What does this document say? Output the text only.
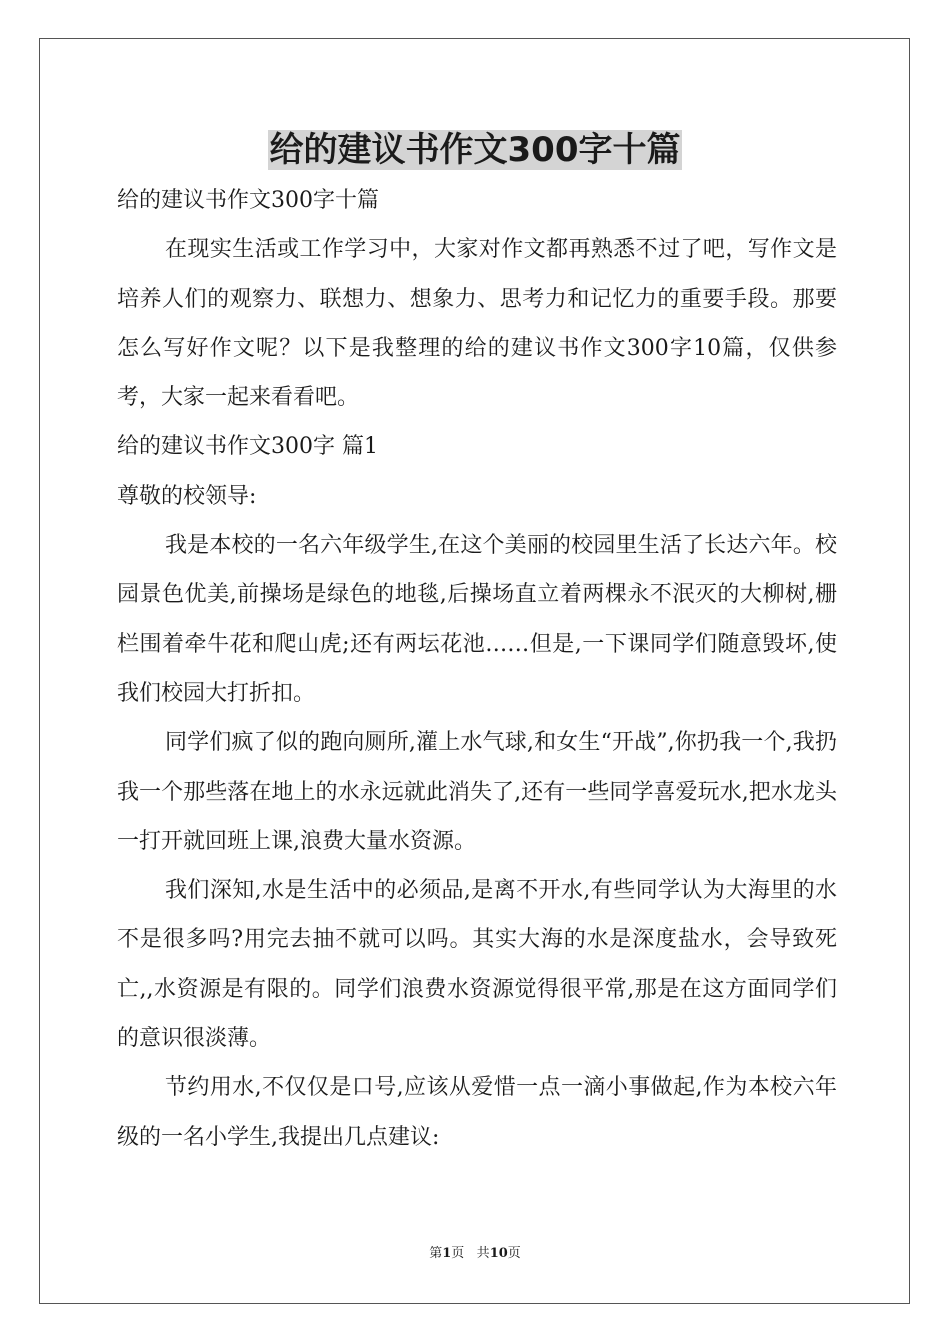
给的建议书作文300字十篇

给的建议书作文300字十篇

在现实生活或工作学习中，大家对作文都再熟悉不过了吧，写作文是培养人们的观察力、联想力、想象力、思考力和记忆力的重要手段。那要怎么写好作文呢？以下是我整理的给的建议书作文300字10篇，仅供参考，大家一起来看看吧。

给的建议书作文300字 篇1

尊敬的校领导:

我是本校的一名六年级学生,在这个美丽的校园里生活了长达六年。校园景色优美,前操场是绿色的地毯,后操场直立着两棵永不泯灭的大柳树,栅栏围着牵牛花和爬山虎;还有两坛花池……但是,一下课同学们随意毁坏,使我们校园大打折扣。

同学们疯了似的跑向厕所,灌上水气球,和女生“开战”,你扔我一个,我扔我一个那些落在地上的水永远就此消失了,还有一些同学喜爱玩水,把水龙头一打开就回班上课,浪费大量水资源。

我们深知,水是生活中的必须品,是离不开水,有些同学认为大海里的水不是很多吗?用完去抽不就可以吗。其实大海的水是深度盐水，会导致死亡,,水资源是有限的。同学们浪费水资源觉得很平常,那是在这方面同学们的意识很淡薄。

节约用水,不仅仅是口号,应该从爱惜一点一滴小事做起,作为本校六年级的一名小学生,我提出几点建议:

第1页 共10页
